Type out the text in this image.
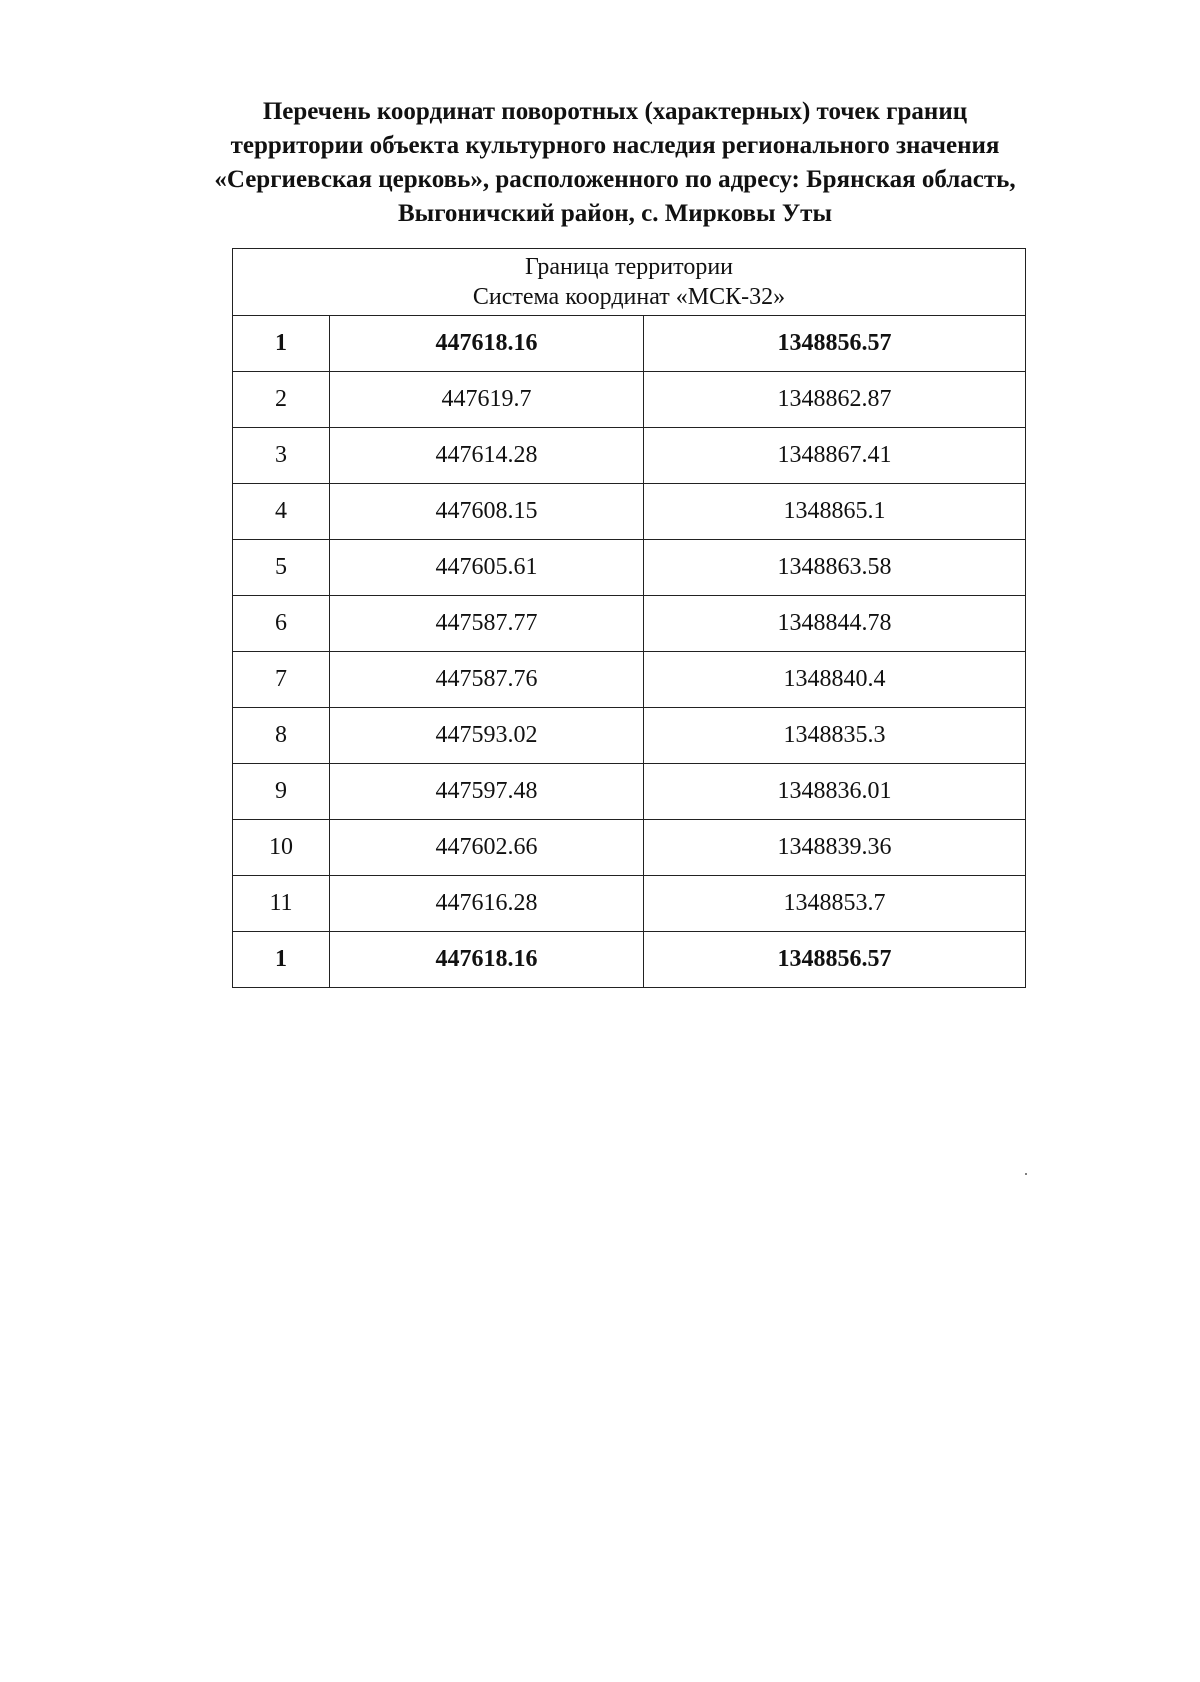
Перечень координат поворотных (характерных) точек границ
территории объекта культурного наследия регионального значения
«Сергиевская церковь», расположенного по адресу: Брянская область,
Выгоничский район, с. Мирковы Уты
Граница территории
Система координат «МСК-32»		

1	447618.16	1348856.57
2	447619.7	1348862.87
3	447614.28	1348867.41
4	447608.15	1348865.1
5	447605.61	1348863.58
6	447587.77	1348844.78
7	447587.76	1348840.4
8	447593.02	1348835.3
9	447597.48	1348836.01
10	447602.66	1348839.36
11	447616.28	1348853.7
1	447618.16	1348856.57
